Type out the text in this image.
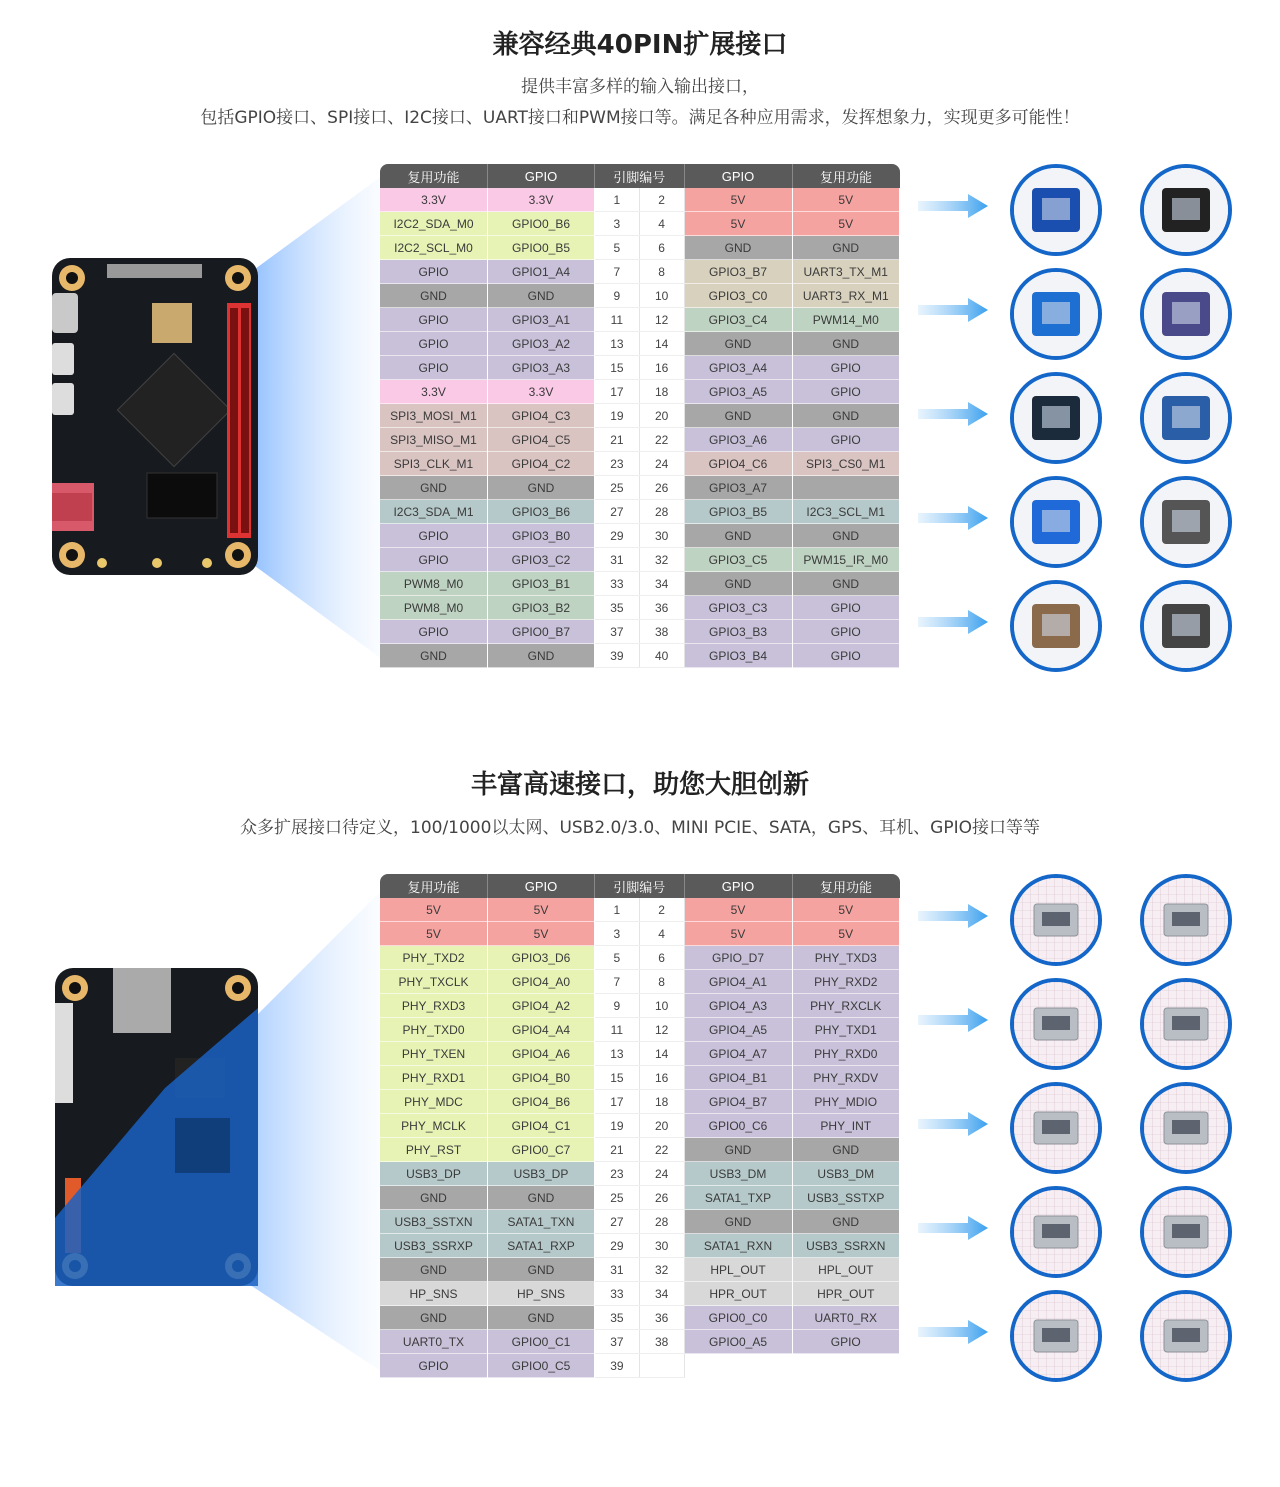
兼容经典40PIN扩展接口
提供丰富多样的输入输出接口，
包括GPIO接口、SPI接口、I2C接口、UART接口和PWM接口等。满足各种应用需求，发挥想象力，实现更多可能性！
复用功能	GPIO	引脚编号		GPIO	复用功能
3.3V	3.3V	1	2	5V	5V
I2C2_SDA_M0	GPIO0_B6	3	4	5V	5V
I2C2_SCL_M0	GPIO0_B5	5	6	GND	GND
GPIO	GPIO1_A4	7	8	GPIO3_B7	UART3_TX_M1
GND	GND	9	10	GPIO3_C0	UART3_RX_M1
GPIO	GPIO3_A1	11	12	GPIO3_C4	PWM14_M0
GPIO	GPIO3_A2	13	14	GND	GND
GPIO	GPIO3_A3	15	16	GPIO3_A4	GPIO
3.3V	3.3V	17	18	GPIO3_A5	GPIO
SPI3_MOSI_M1	GPIO4_C3	19	20	GND	GND
SPI3_MISO_M1	GPIO4_C5	21	22	GPIO3_A6	GPIO
SPI3_CLK_M1	GPIO4_C2	23	24	GPIO4_C6	SPI3_CS0_M1
GND	GND	25	26	GPIO3_A7	
I2C3_SDA_M1	GPIO3_B6	27	28	GPIO3_B5	I2C3_SCL_M1
GPIO	GPIO3_B0	29	30	GND	GND
GPIO	GPIO3_C2	31	32	GPIO3_C5	PWM15_IR_M0
PWM8_M0	GPIO3_B1	33	34	GND	GND
PWM8_M0	GPIO3_B2	35	36	GPIO3_C3	GPIO
GPIO	GPIO0_B7	37	38	GPIO3_B3	GPIO
GND	GND	39	40	GPIO3_B4	GPIO
丰富高速接口，助您大胆创新
众多扩展接口待定义，100/1000以太网、USB2.0/3.0、MINI PCIE、SATA，GPS、耳机、GPIO接口等等
复用功能	GPIO	引脚编号		GPIO	复用功能
5V	5V	1	2	5V	5V
5V	5V	3	4	5V	5V
PHY_TXD2	GPIO3_D6	5	6	GPIO_D7	PHY_TXD3
PHY_TXCLK	GPIO4_A0	7	8	GPIO4_A1	PHY_RXD2
PHY_RXD3	GPIO4_A2	9	10	GPIO4_A3	PHY_RXCLK
PHY_TXD0	GPIO4_A4	11	12	GPIO4_A5	PHY_TXD1
PHY_TXEN	GPIO4_A6	13	14	GPIO4_A7	PHY_RXD0
PHY_RXD1	GPIO4_B0	15	16	GPIO4_B1	PHY_RXDV
PHY_MDC	GPIO4_B6	17	18	GPIO4_B7	PHY_MDIO
PHY_MCLK	GPIO4_C1	19	20	GPIO0_C6	PHY_INT
PHY_RST	GPIO0_C7	21	22	GND	GND
USB3_DP	USB3_DP	23	24	USB3_DM	USB3_DM
GND	GND	25	26	SATA1_TXP	USB3_SSTXP
USB3_SSTXN	SATA1_TXN	27	28	GND	GND
USB3_SSRXP	SATA1_RXP	29	30	SATA1_RXN	USB3_SSRXN
GND	GND	31	32	HPL_OUT	HPL_OUT
HP_SNS	HP_SNS	33	34	HPR_OUT	HPR_OUT
GND	GND	35	36	GPIO0_C0	UART0_RX
UART0_TX	GPIO0_C1	37	38	GPIO0_A5	GPIO
GPIO	GPIO0_C5	39			
